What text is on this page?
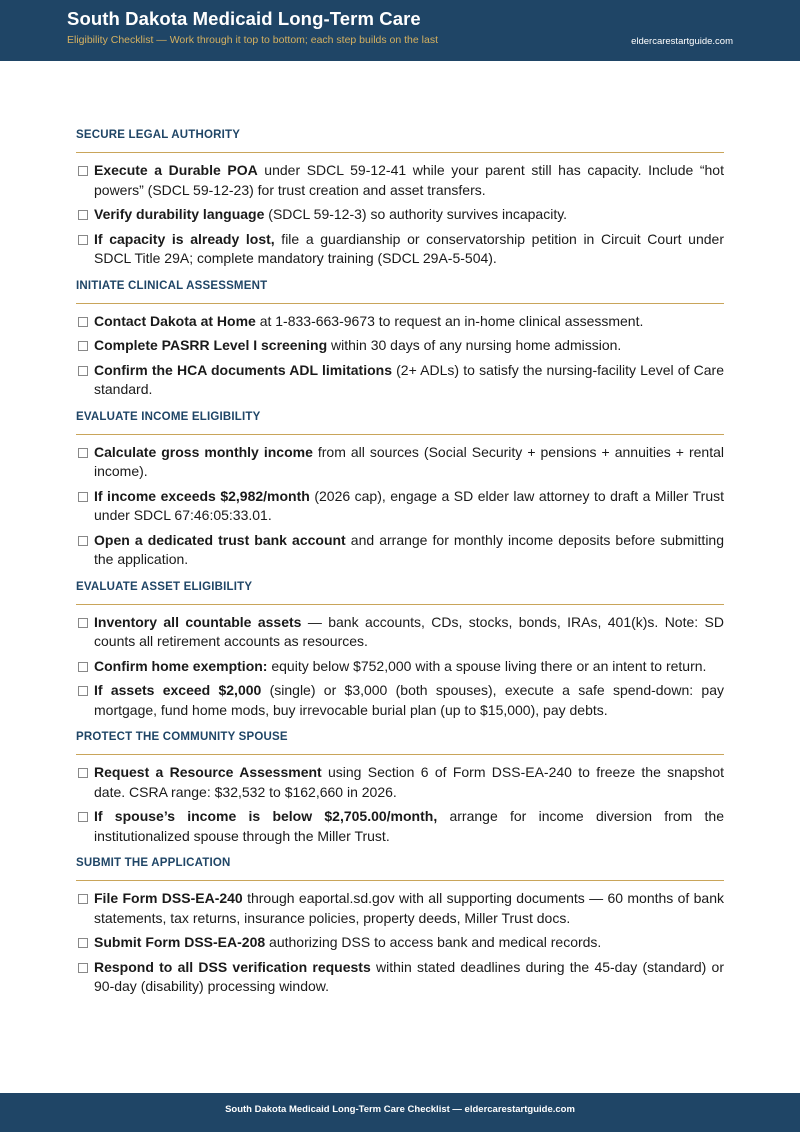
South Dakota Medicaid Long-Term Care
Eligibility Checklist — Work through it top to bottom; each step builds on the last	eldercarestartguide.com
SECURE LEGAL AUTHORITY
Execute a Durable POA under SDCL 59-12-41 while your parent still has capacity. Include “hot powers” (SDCL 59-12-23) for trust creation and asset transfers.
Verify durability language (SDCL 59-12-3) so authority survives incapacity.
If capacity is already lost, file a guardianship or conservatorship petition in Circuit Court under SDCL Title 29A; complete mandatory training (SDCL 29A-5-504).
INITIATE CLINICAL ASSESSMENT
Contact Dakota at Home at 1-833-663-9673 to request an in-home clinical assessment.
Complete PASRR Level I screening within 30 days of any nursing home admission.
Confirm the HCA documents ADL limitations (2+ ADLs) to satisfy the nursing-facility Level of Care standard.
EVALUATE INCOME ELIGIBILITY
Calculate gross monthly income from all sources (Social Security + pensions + annuities + rental income).
If income exceeds $2,982/month (2026 cap), engage a SD elder law attorney to draft a Miller Trust under SDCL 67:46:05:33.01.
Open a dedicated trust bank account and arrange for monthly income deposits before submitting the application.
EVALUATE ASSET ELIGIBILITY
Inventory all countable assets — bank accounts, CDs, stocks, bonds, IRAs, 401(k)s. Note: SD counts all retirement accounts as resources.
Confirm home exemption: equity below $752,000 with a spouse living there or an intent to return.
If assets exceed $2,000 (single) or $3,000 (both spouses), execute a safe spend-down: pay mortgage, fund home mods, buy irrevocable burial plan (up to $15,000), pay debts.
PROTECT THE COMMUNITY SPOUSE
Request a Resource Assessment using Section 6 of Form DSS-EA-240 to freeze the snapshot date. CSRA range: $32,532 to $162,660 in 2026.
If spouse’s income is below $2,705.00/month, arrange for income diversion from the institutionalized spouse through the Miller Trust.
SUBMIT THE APPLICATION
File Form DSS-EA-240 through eaportal.sd.gov with all supporting documents — 60 months of bank statements, tax returns, insurance policies, property deeds, Miller Trust docs.
Submit Form DSS-EA-208 authorizing DSS to access bank and medical records.
Respond to all DSS verification requests within stated deadlines during the 45-day (standard) or 90-day (disability) processing window.
South Dakota Medicaid Long-Term Care Checklist — eldercarestartguide.com
